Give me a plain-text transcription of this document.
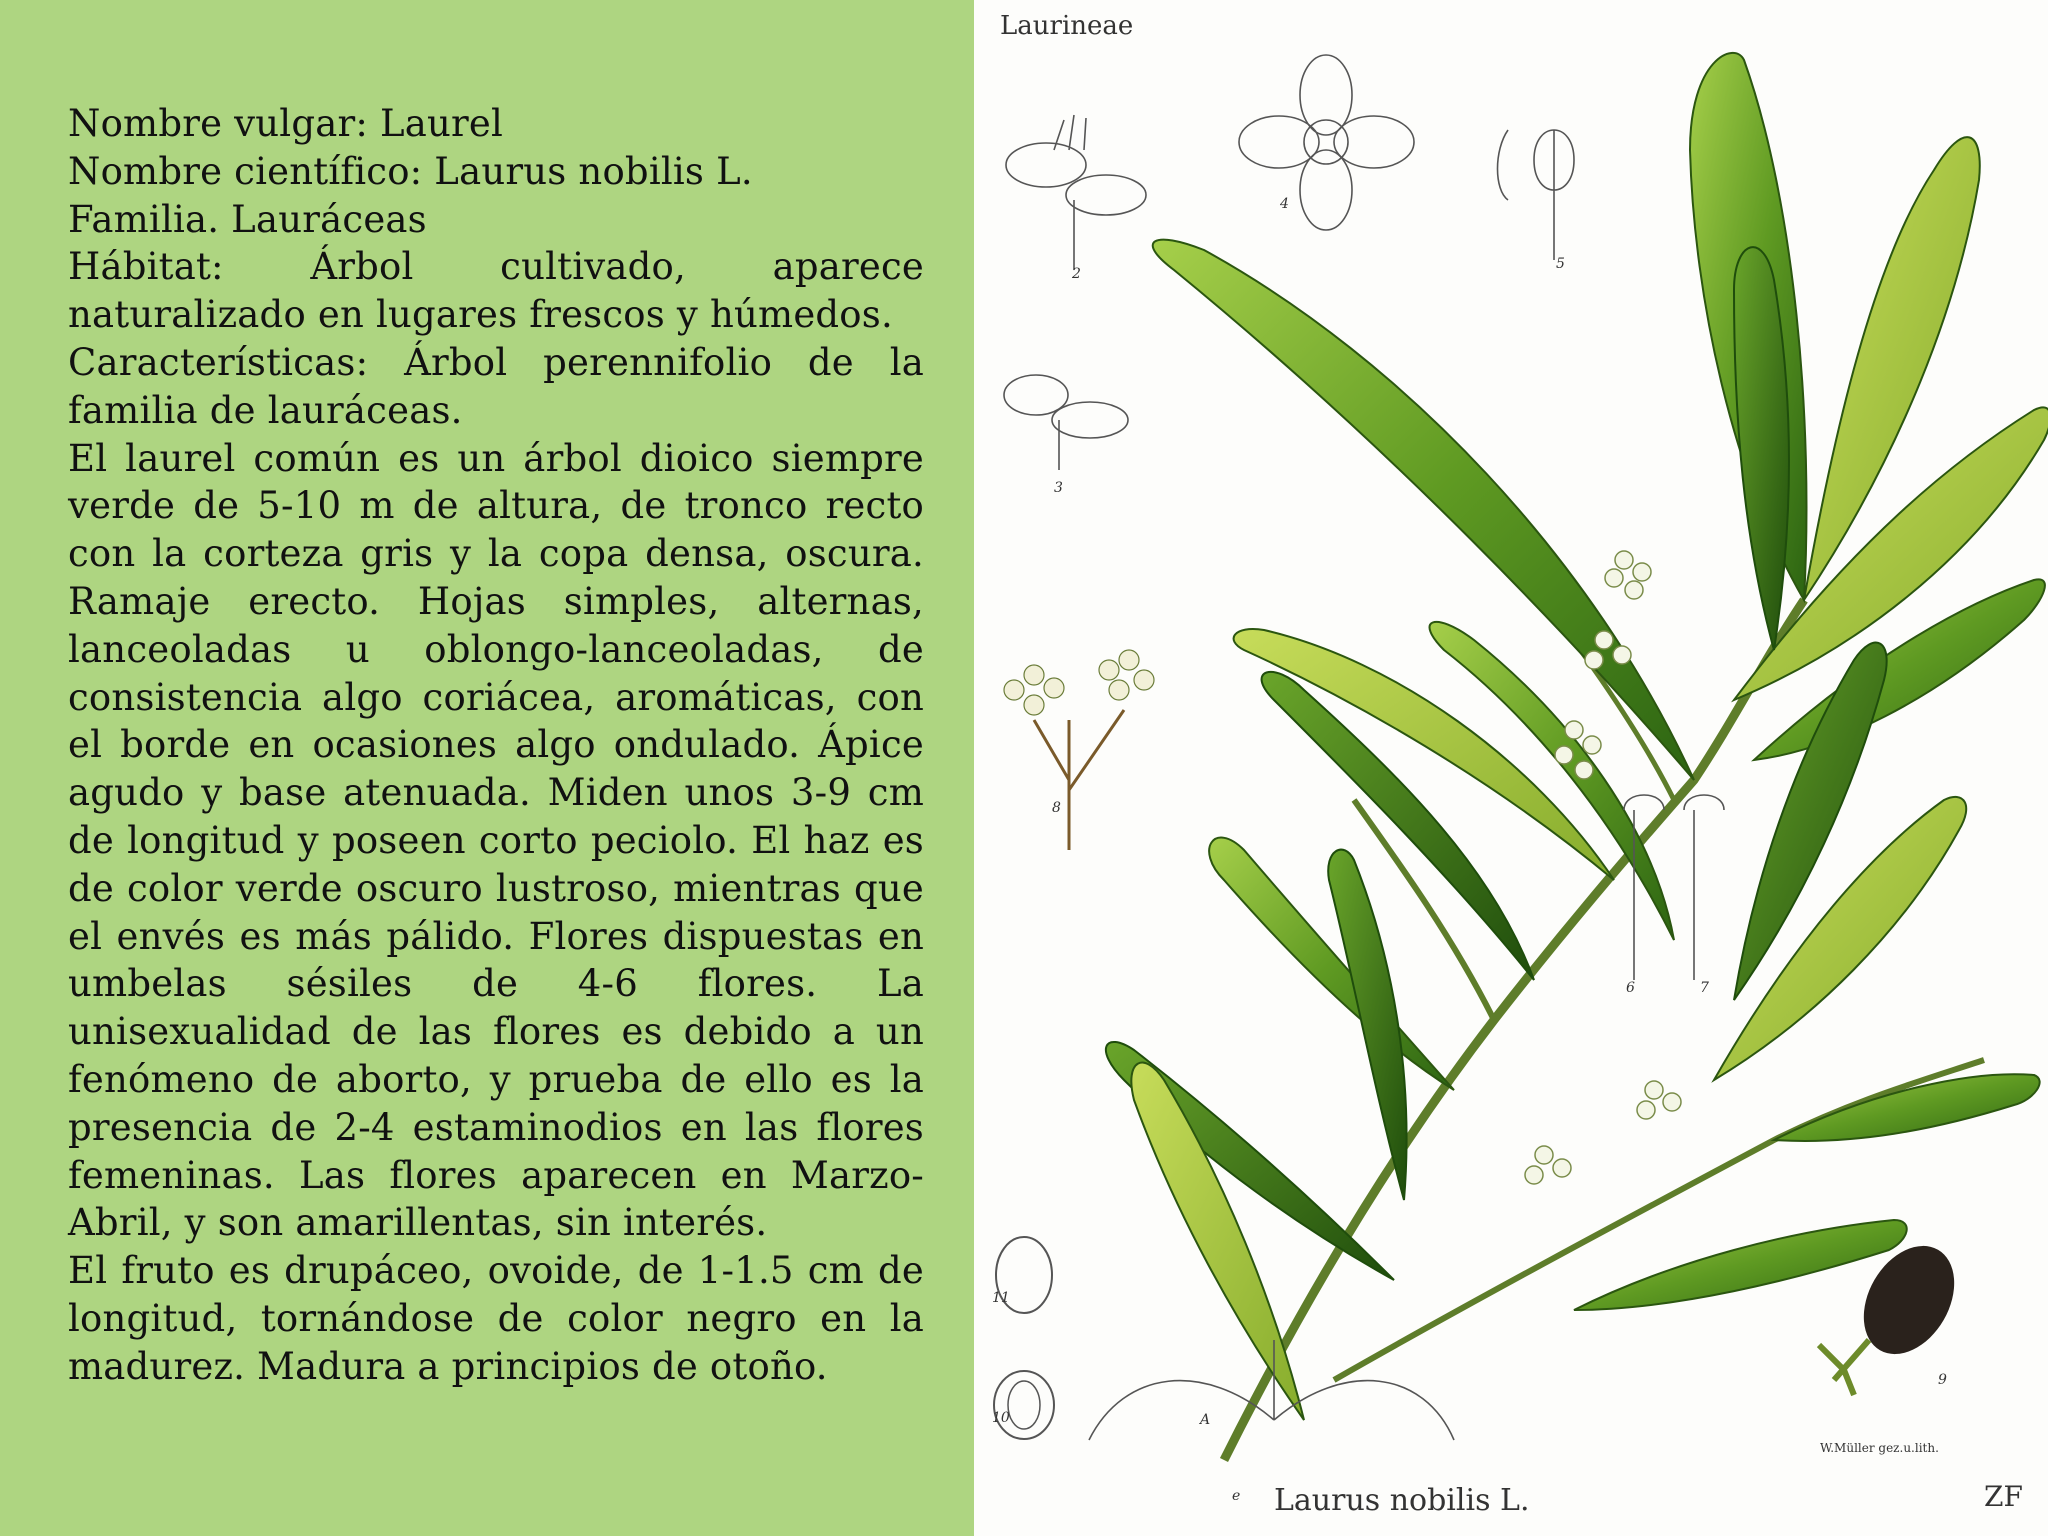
Nombre vulgar: Laurel

Nombre científico: Laurus nobilis L.

Familia. Lauráceas

Hábitat: Árbol cultivado, aparece naturalizado en lugares frescos y húmedos.

Características: Árbol perennifolio de la familia de lauráceas.

El laurel común es un árbol dioico siempre verde de 5-10 m de altura, de tronco recto con la corteza gris y la copa densa, oscura. Ramaje erecto. Hojas simples, alternas, lanceoladas u oblongo-lanceoladas, de consistencia algo coriácea, aromáticas, con el borde en ocasiones algo ondulado. Ápice agudo y base atenuada. Miden unos 3-9 cm de longitud y poseen corto peciolo. El haz es de color verde oscuro lustroso, mientras que el envés es más pálido. Flores dispuestas en umbelas sésiles de 4-6 flores. La unisexualidad de las flores es debido a un fenómeno de aborto, y prueba de ello es la presencia de 2-4 estaminodios en las flores femeninas. Las flores aparecen en Marzo-Abril, y son amarillentas, sin interés.

El fruto es drupáceo, ovoide, de 1-1.5 cm de longitud, tornándose de color negro en la madurez. Madura a principios de otoño.

Laurineae
2
3
4
5
6	7
8
9
10
11
A
e Laurus nobilis L.
W.Müller gez.u.lith.
ZF
